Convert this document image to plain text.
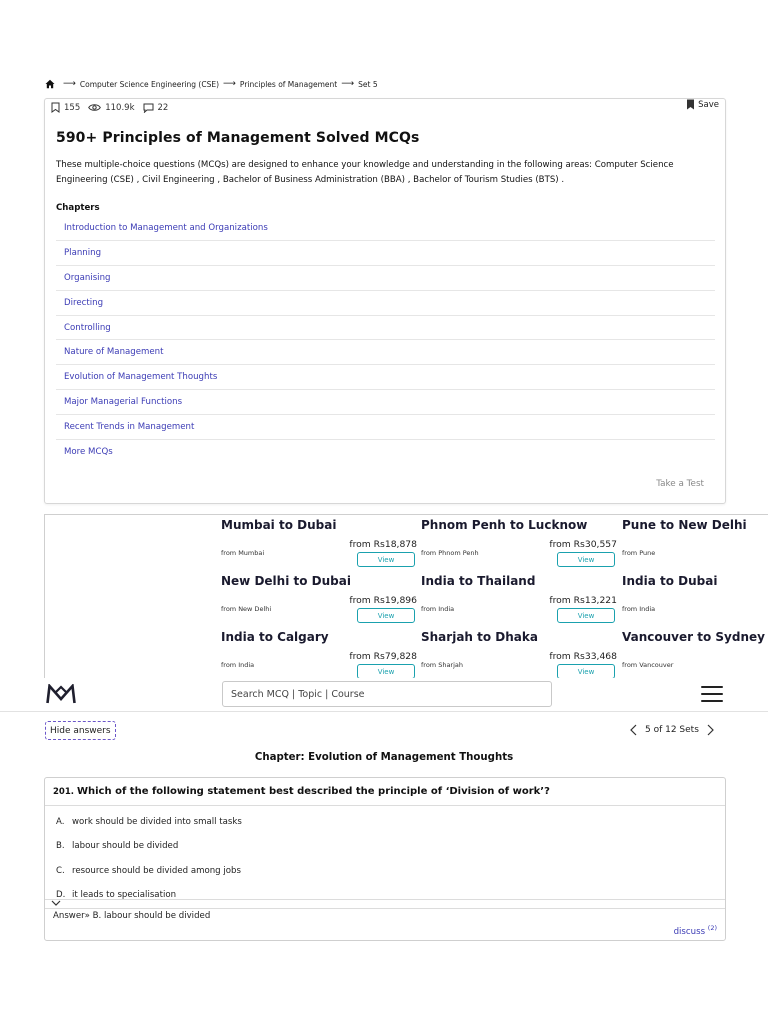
⟶ Computer Science Engineering (CSE) ⟶ Principles of Management ⟶ Set 5
155	110.9k	22	Save
590+ Principles of Management Solved MCQs

These multiple-choice questions (MCQs) are designed to enhance your knowledge and understanding in the following areas: Computer Science Engineering (CSE) , Civil Engineering , Bachelor of Business Administration (BBA) , Bachelor of Tourism Studies (BTS) .

Chapters
Introduction to Management and Organizations
Planning
Organising
Directing
Controlling
Nature of Management
Evolution of Management Thoughts
Major Managerial Functions
Recent Trends in Management
More MCQs
Take a Test
Mumbai to Dubai
from Mumbai
from Rs18,878
View
Phnom Penh to Lucknow
from Phnom Penh
from Rs30,557
View
Pune to New Delhi
from Pune
New Delhi to Dubai
from New Delhi
from Rs19,896
View
India to Thailand
from India
from Rs13,221
View
India to Dubai
from India
India to Calgary
from India
from Rs79,828
View
Sharjah to Dhaka
from Sharjah
from Rs33,468
View
Vancouver to Sydney
from Vancouver
Search MCQ | Topic | Course
Hide answers	5 of 12 Sets
Chapter: Evolution of Management Thoughts
201. Which of the following statement best described the principle of ‘Division of work’?
A. work should be divided into small tasks
B. labour should be divided
C. resource should be divided among jobs
D. it leads to specialisation
Answer» B. labour should be divided
discuss $^{(2)}$
